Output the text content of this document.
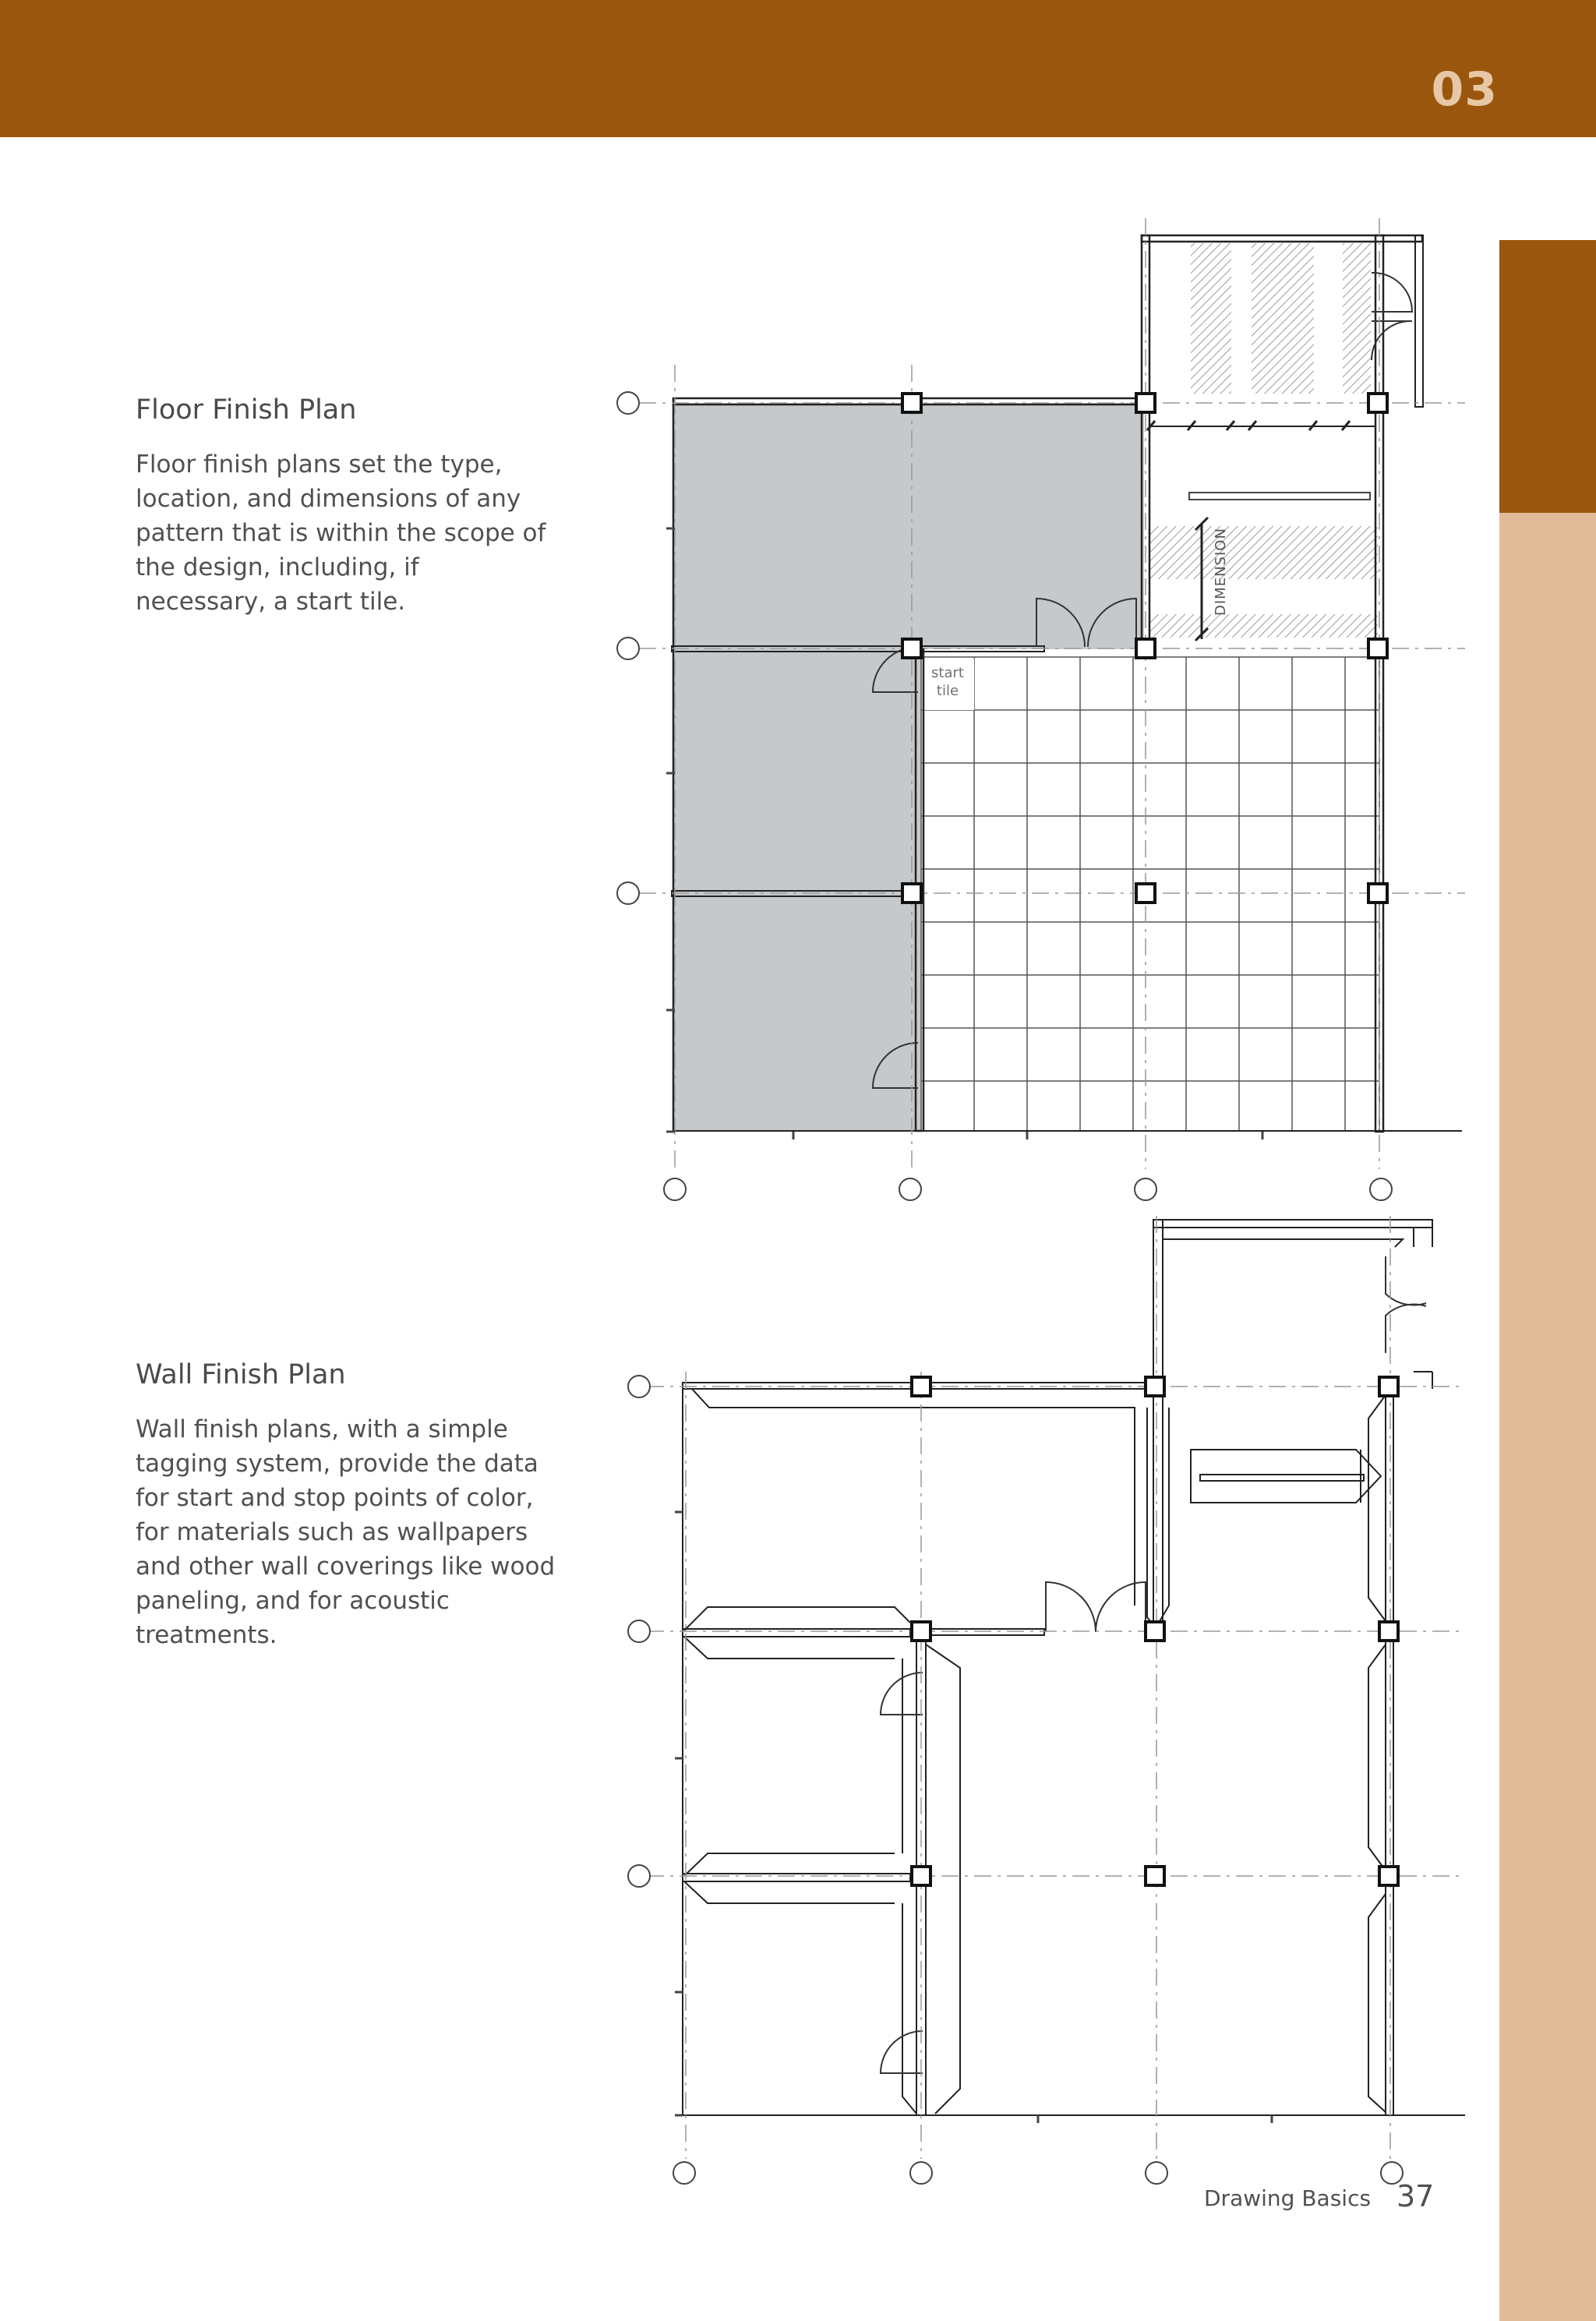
03
Floor Finish Plan

Floor finish plans set the type, location, and dimensions of any pattern that is within the scope of the design, including, if necessary, a start tile.

Wall Finish Plan

Wall finish plans, with a simple tagging system, provide the data for start and stop points of color, for materials such as wallpapers and other wall coverings like wood paneling, and for acoustic treatments.

start
tile
DIMENSION
Drawing Basics 37
